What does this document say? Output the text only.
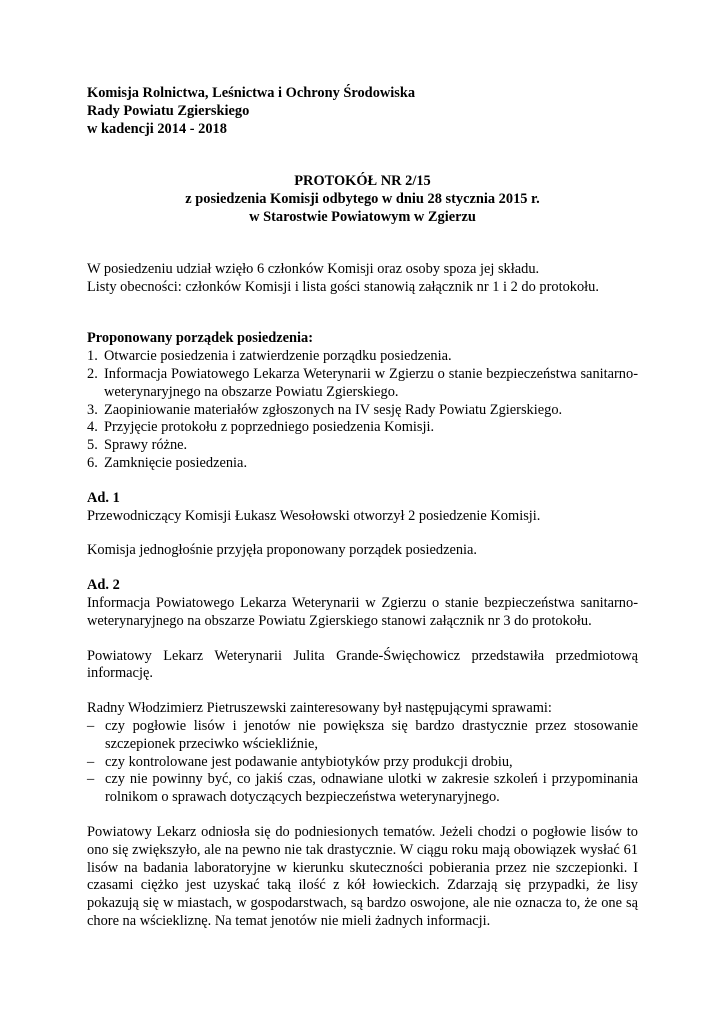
Komisja Rolnictwa, Leśnictwa i Ochrony Środowiska

Rady Powiatu Zgierskiego

w kadencji 2014 - 2018

PROTOKÓŁ NR 2/15

z posiedzenia Komisji odbytego w dniu 28 stycznia 2015 r.

w Starostwie Powiatowym w Zgierzu

W posiedzeniu udział wzięło 6 członków Komisji oraz osoby spoza jej składu.

Listy obecności: członków Komisji i lista gości stanowią załącznik nr 1 i 2 do protokołu.

Proponowany porządek posiedzenia:

1. Otwarcie posiedzenia i zatwierdzenie porządku posiedzenia.
2. Informacja Powiatowego Lekarza Weterynarii w Zgierzu o stanie bezpieczeństwa sanitarno-weterynaryjnego na obszarze Powiatu Zgierskiego.
3. Zaopiniowanie materiałów zgłoszonych na IV sesję Rady Powiatu Zgierskiego.
4. Przyjęcie protokołu z poprzedniego posiedzenia Komisji.
5. Sprawy różne.
6. Zamknięcie posiedzenia.

Ad. 1

Przewodniczący Komisji Łukasz Wesołowski otworzył 2 posiedzenie Komisji.

Komisja jednogłośnie przyjęła proponowany porządek posiedzenia.

Ad. 2

Informacja Powiatowego Lekarza Weterynarii w Zgierzu o stanie bezpieczeństwa sanitarno-weterynaryjnego na obszarze Powiatu Zgierskiego stanowi załącznik nr 3 do protokołu.

Powiatowy Lekarz Weterynarii Julita Grande-Święchowicz przedstawiła przedmiotową informację.

Radny Włodzimierz Pietruszewski zainteresowany był następującymi sprawami:

– czy pogłowie lisów i jenotów nie powiększa się bardzo drastycznie przez stosowanie szczepionek przeciwko wściekliźnie,
– czy kontrolowane jest podawanie antybiotyków przy produkcji drobiu,
– czy nie powinny być, co jakiś czas, odnawiane ulotki w zakresie szkoleń i przypominania rolnikom o sprawach dotyczących bezpieczeństwa weterynaryjnego.

Powiatowy Lekarz odniosła się do podniesionych tematów. Jeżeli chodzi o pogłowie lisów to ono się zwiększyło, ale na pewno nie tak drastycznie. W ciągu roku mają obowiązek wysłać 61 lisów na badania laboratoryjne w kierunku skuteczności pobierania przez nie szczepionki. I czasami ciężko jest uzyskać taką ilość z kół łowieckich. Zdarzają się przypadki, że lisy pokazują się w miastach, w gospodarstwach, są bardzo oswojone, ale nie oznacza to, że one są chore na wściekliznę. Na temat jenotów nie mieli żadnych informacji.
